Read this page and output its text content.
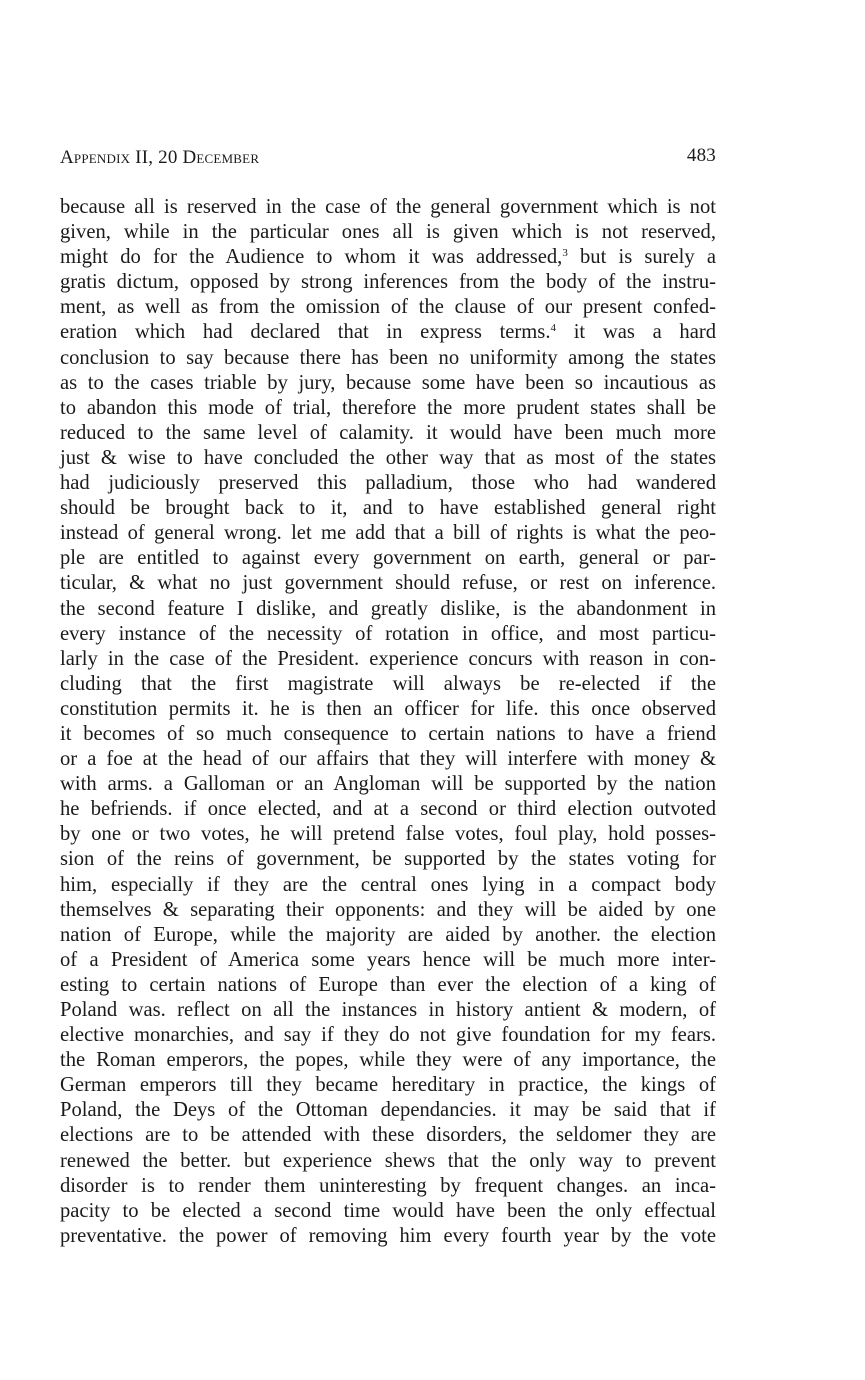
Appendix II, 20 December	483
because all is reserved in the case of the general government which is not
given, while in the particular ones all is given which is not reserved,
might do for the Audience to whom it was addressed,$^3$ but is surely a
gratis dictum, opposed by strong inferences from the body of the instru-
ment, as well as from the omission of the clause of our present confed-
eration which had declared that in express terms.$^4$ it was a hard
conclusion to say because there has been no uniformity among the states
as to the cases triable by jury, because some have been so incautious as
to abandon this mode of trial, therefore the more prudent states shall be
reduced to the same level of calamity. it would have been much more
just & wise to have concluded the other way that as most of the states
had judiciously preserved this palladium, those who had wandered
should be brought back to it, and to have established general right
instead of general wrong. let me add that a bill of rights is what the peo-
ple are entitled to against every government on earth, general or par-
ticular, & what no just government should refuse, or rest on inference.
the second feature I dislike, and greatly dislike, is the abandonment in
every instance of the necessity of rotation in office, and most particu-
larly in the case of the President. experience concurs with reason in con-
cluding that the first magistrate will always be re-elected if the
constitution permits it. he is then an officer for life. this once observed
it becomes of so much consequence to certain nations to have a friend
or a foe at the head of our affairs that they will interfere with money &
with arms. a Galloman or an Angloman will be supported by the nation
he befriends. if once elected, and at a second or third election outvoted
by one or two votes, he will pretend false votes, foul play, hold posses-
sion of the reins of government, be supported by the states voting for
him, especially if they are the central ones lying in a compact body
themselves & separating their opponents: and they will be aided by one
nation of Europe, while the majority are aided by another. the election
of a President of America some years hence will be much more inter-
esting to certain nations of Europe than ever the election of a king of
Poland was. reflect on all the instances in history antient & modern, of
elective monarchies, and say if they do not give foundation for my fears.
the Roman emperors, the popes, while they were of any importance, the
German emperors till they became hereditary in practice, the kings of
Poland, the Deys of the Ottoman dependancies. it may be said that if
elections are to be attended with these disorders, the seldomer they are
renewed the better. but experience shews that the only way to prevent
disorder is to render them uninteresting by frequent changes. an inca-
pacity to be elected a second time would have been the only effectual
preventative. the power of removing him every fourth year by the vote
